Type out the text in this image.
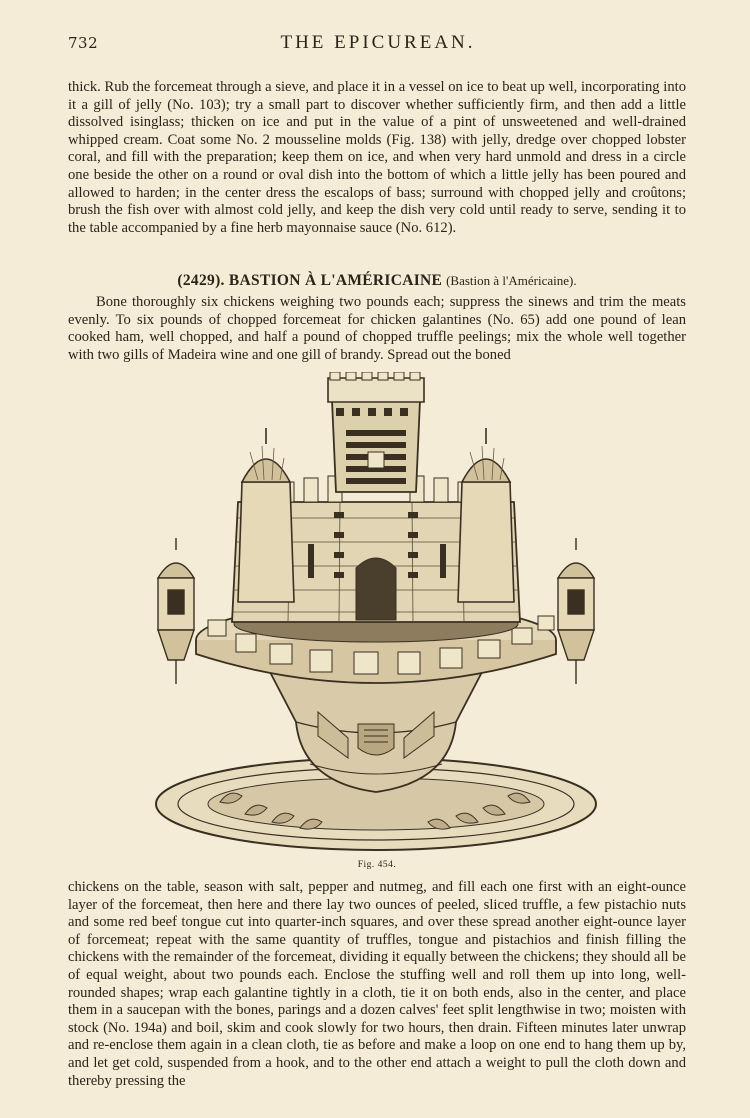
732	THE EPICUREAN.

thick. Rub the forcemeat through a sieve, and place it in a vessel on ice to beat up well, incorporating into it a gill of jelly (No. 103); try a small part to discover whether sufficiently firm, and then add a little dissolved isinglass; thicken on ice and put in the value of a pint of unsweetened and well-drained whipped cream. Coat some No. 2 mousseline molds (Fig. 138) with jelly, dredge over chopped lobster coral, and fill with the preparation; keep them on ice, and when very hard unmold and dress in a circle one beside the other on a round or oval dish into the bottom of which a little jelly has been poured and allowed to harden; in the center dress the escalops of bass; surround with chopped jelly and croûtons; brush the fish over with almost cold jelly, and keep the dish very cold until ready to serve, sending it to the table accompanied by a fine herb mayonnaise sauce (No. 612).

(2429). BASTION À L'AMÉRICAINE (Bastion à l'Américaine).

Bone thoroughly six chickens weighing two pounds each; suppress the sinews and trim the meats evenly. To six pounds of chopped forcemeat for chicken galantines (No. 65) add one pound of lean cooked ham, well chopped, and half a pound of chopped truffle peelings; mix the whole well together with two gills of Madeira wine and one gill of brandy. Spread out the boned

Fig. 454.

chickens on the table, season with salt, pepper and nutmeg, and fill each one first with an eight-ounce layer of the forcemeat, then here and there lay two ounces of peeled, sliced truffle, a few pistachio nuts and some red beef tongue cut into quarter-inch squares, and over these spread another eight-ounce layer of forcemeat; repeat with the same quantity of truffles, tongue and pistachios and finish filling the chickens with the remainder of the forcemeat, dividing it equally between the chickens; they should all be of equal weight, about two pounds each. Enclose the stuffing well and roll them up into long, well-rounded shapes; wrap each galantine tightly in a cloth, tie it on both ends, also in the center, and place them in a saucepan with the bones, parings and a dozen calves' feet split lengthwise in two; moisten with stock (No. 194a) and boil, skim and cook slowly for two hours, then drain. Fifteen minutes later unwrap and re-enclose them again in a clean cloth, tie as before and make a loop on one end to hang them up by, and let get cold, suspended from a hook, and to the other end attach a weight to pull the cloth down and thereby pressing the
